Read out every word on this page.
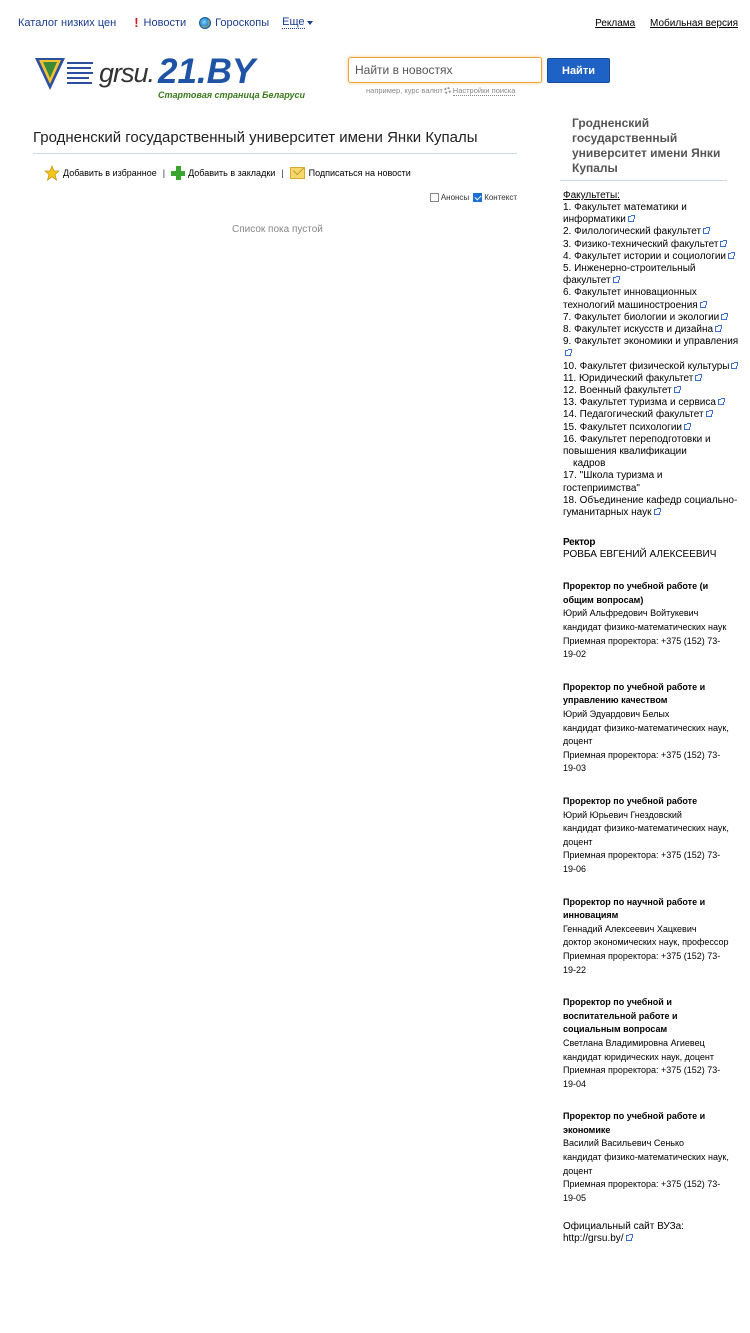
Каталог низких цен ! Новости	Гороскопы Еще	Реклама Мобильная версия
grsu. 21.BY
Стартовая страница Беларуси
Найти в новостях
Найти
например, курс валют Настройки поиска
Гродненский государственный университет имени Янки Купалы
Добавить в избранное |	Добавить в закладки |	Подписаться на новости
Анонсы Контекст
Список пока пустой
Гродненский государственный университет имени Янки Купалы
Факультеты:
1. Факультет математики и информатики
2. Филологический факультет
3. Физико-технический факультет
4. Факультет истории и социологии
5. Инженерно-строительный факультет
6. Факультет инновационных технологий машиностроения
7. Факультет биологии и экологии
8. Факультет искусств и дизайна
9. Факультет экономики и управления
10. Факультет физической культуры
11. Юридический факультет
12. Военный факультет
13. Факультет туризма и сервиса
14. Педагогический факультет
15. Факультет психологии
16. Факультет переподготовки и повышения квалификации
кадров
17. "Школа туризма и гостеприимства"
18. Объединение кафедр социально-гуманитарных наук
Ректор
РОВБА ЕВГЕНИЙ АЛЕКСЕЕВИЧ
Проректор по учебной работе (и общим вопросам)
Юрий Альфредович Войтукевич
кандидат физико-математических наук
Приемная проректора: +375 (152) 73-19-02
Проректор по учебной работе и управлению качеством
Юрий Эдуардович Белых
кандидат физико-математических наук, доцент
Приемная проректора: +375 (152) 73-19-03
Проректор по учебной работе
Юрий Юрьевич Гнездовский
кандидат физико-математических наук, доцент
Приемная проректора: +375 (152) 73-19-06
Проректор по научной работе и инновациям
Геннадий Алексеевич Хацкевич
доктор экономических наук, профессор
Приемная проректора: +375 (152) 73-19-22
Проректор по учебной и воспитательной работе и социальным вопросам
Светлана Владимировна Агиевец
кандидат юридических наук, доцент
Приемная проректора: +375 (152) 73-19-04
Проректор по учебной работе и экономике
Василий Васильевич Сенько
кандидат физико-математических наук, доцент
Приемная проректора: +375 (152) 73-19-05
Официальный сайт ВУЗа:
http://grsu.by/
